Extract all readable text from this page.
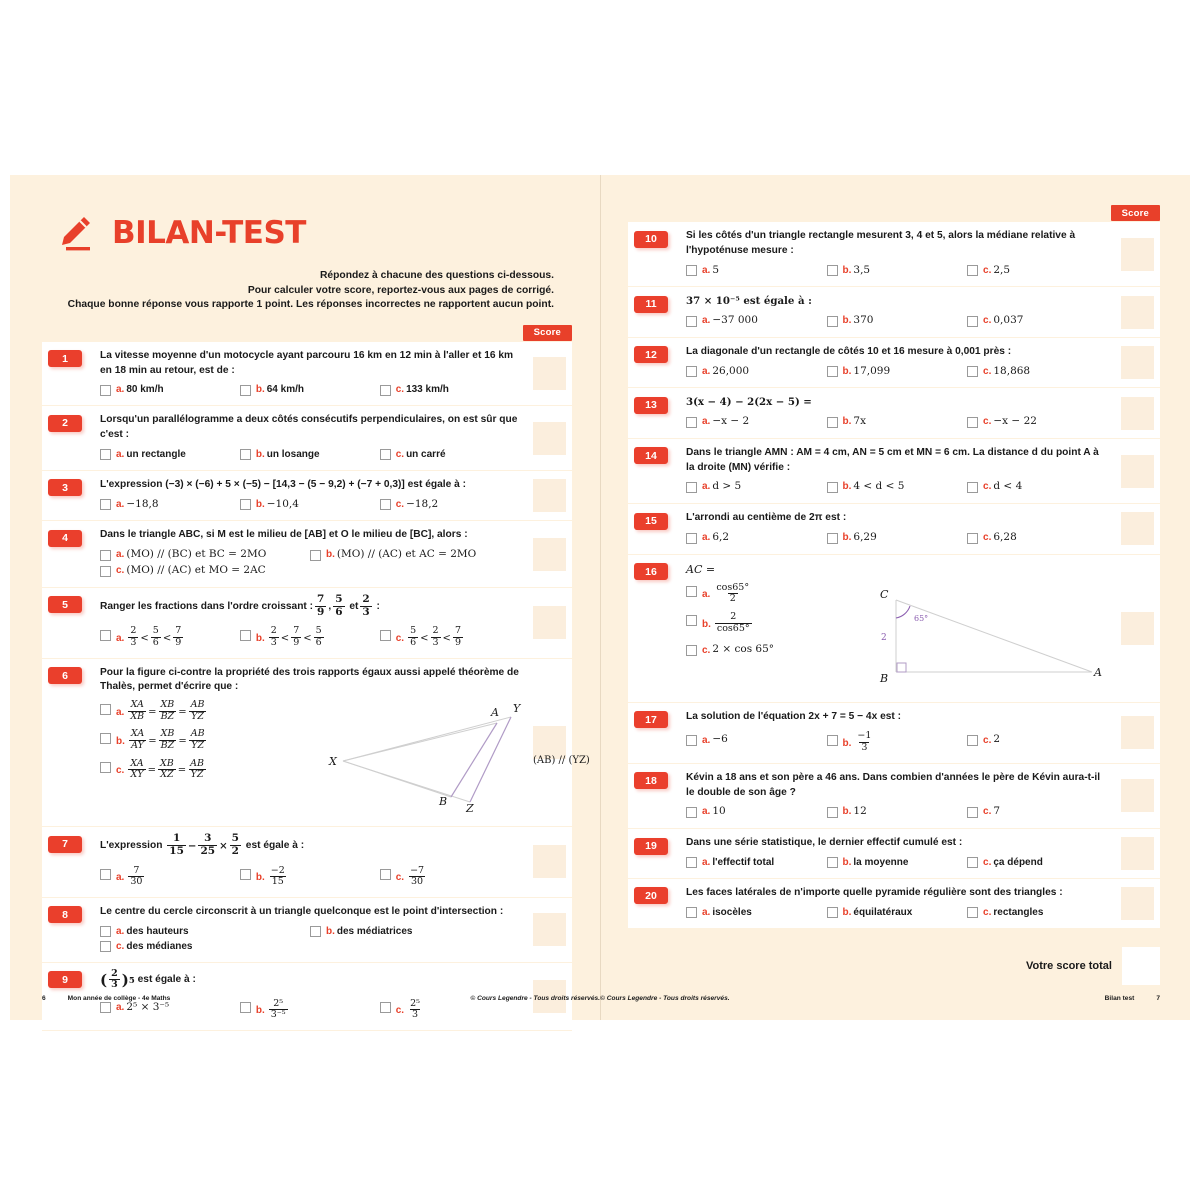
BILAN-TEST
Répondez à chacune des questions ci-dessous.
Pour calculer votre score, reportez-vous aux pages de corrigé.
Chaque bonne réponse vous rapporte 1 point. Les réponses incorrectes ne rapportent aucun point.
Score
1	La vitesse moyenne d'un motocycle ayant parcouru 16 km en 12 min à l'aller et 16 km en 18 min au retour, est de :
a. 80 km/h	b. 64 km/h	c. 133 km/h
2	Lorsqu'un parallélogramme a deux côtés consécutifs perpendiculaires, on est sûr que c'est :
a. un rectangle	b. un losange	c. un carré
3	L'expression (−3) × (−6) + 5 × (−5) − [14,3 − (5 − 9,2) + (−7 + 0,3)] est égale à :
a. −18,8	b. −10,4	c. −18,2
4	Dans le triangle ABC, si M est le milieu de [AB] et O le milieu de [BC], alors :
a. (MO) // (BC) et BC = 2MO	b. (MO) // (AC) et AC = 2MO
c. (MO) // (AC) et MO = 2AC
5	Ranger les fractions dans l'ordre croissant : $\frac{7}{9}$ , $\frac{5}{6}$ et $\frac{2}{3}$ :
a. $\frac{2}{3} < \frac{5}{6} < \frac{7}{9}$	b. $\frac{2}{3} < \frac{7}{9} < \frac{5}{6}$	c. $\frac{5}{6} < \frac{2}{3} < \frac{7}{9}$
6	Pour la figure ci-contre la propriété des trois rapports égaux aussi appelé théorème de Thalès, permet d'écrire que :
a. $\frac{XA}{XB} = \frac{XB}{BZ} = \frac{AB}{YZ}$
b. $\frac{XA}{AY} = \frac{XB}{BZ} = \frac{AB}{YZ}$
c. $\frac{XA}{XY} = \frac{XB}{XZ} = \frac{AB}{YZ}$	X
A Y
B
Z
(AB) // (YZ)
7	L'expression
$\frac{1}{15} - \frac{3}{25} \times \frac{5}{2}$
est égale à :
a. $\frac{7}{30}$	b. $\frac{-2}{15}$	c. $\frac{-7}{30}$
8	Le centre du cercle circonscrit à un triangle quelconque est le point d'intersection :
a. des hauteurs	b. des médiatrices
c. des médianes
9	( $\frac{2}{3}$ ) 5
est égale à :
a. 2⁵ × 3⁻⁵	b. $\frac{\text{2⁵}}{\text{3⁻⁵}}$	c. $\frac{\text{2⁵}}{3}$
6	Mon année de collège - 4e Maths	© Cours Legendre - Tous droits réservés.
Score
10	Si les côtés d'un triangle rectangle mesurent 3, 4 et 5, alors la médiane relative à l'hypoténuse mesure :
a. 5	b. 3,5	c. 2,5
11	37 × 10⁻⁵ est égale à :
a. −37 000	b. 370	c. 0,037
12	La diagonale d'un rectangle de côtés 10 et 16 mesure à 0,001 près :
a. 26,000	b. 17,099	c. 18,868
13	3(x − 4) − 2(2x − 5) =
a. −x − 2	b. 7x	c. −x − 22
14	Dans le triangle AMN : AM = 4 cm, AN = 5 cm et MN = 6 cm. La distance d du point A à la droite (MN) vérifie :
a. d > 5	b. 4 < d < 5	c. d < 4
15	L'arrondi au centième de 2π est :
a. 6,2	b. 6,29	c. 6,28
16	AC =
a. $\frac{\cos 65^\circ}{2}$
b. $\frac{2}{\cos 65^\circ}$
c. 2 × cos 65°
C
B	A
65°
2
17	La solution de l'équation 2x + 7 = 5 − 4x est :
a. −6	b. $\frac{-1}{3}$	c. 2
18	Kévin a 18 ans et son père a 46 ans. Dans combien d'années le père de Kévin aura-t-il le double de son âge ?
a. 10	b. 12	c. 7
19	Dans une série statistique, le dernier effectif cumulé est :
a. l'effectif total	b. la moyenne	c. ça dépend
20	Les faces latérales de n'importe quelle pyramide régulière sont des triangles :
a. isocèles	b. équilatéraux	c. rectangles
Votre score total
© Cours Legendre - Tous droits réservés.	Bilan test	7
